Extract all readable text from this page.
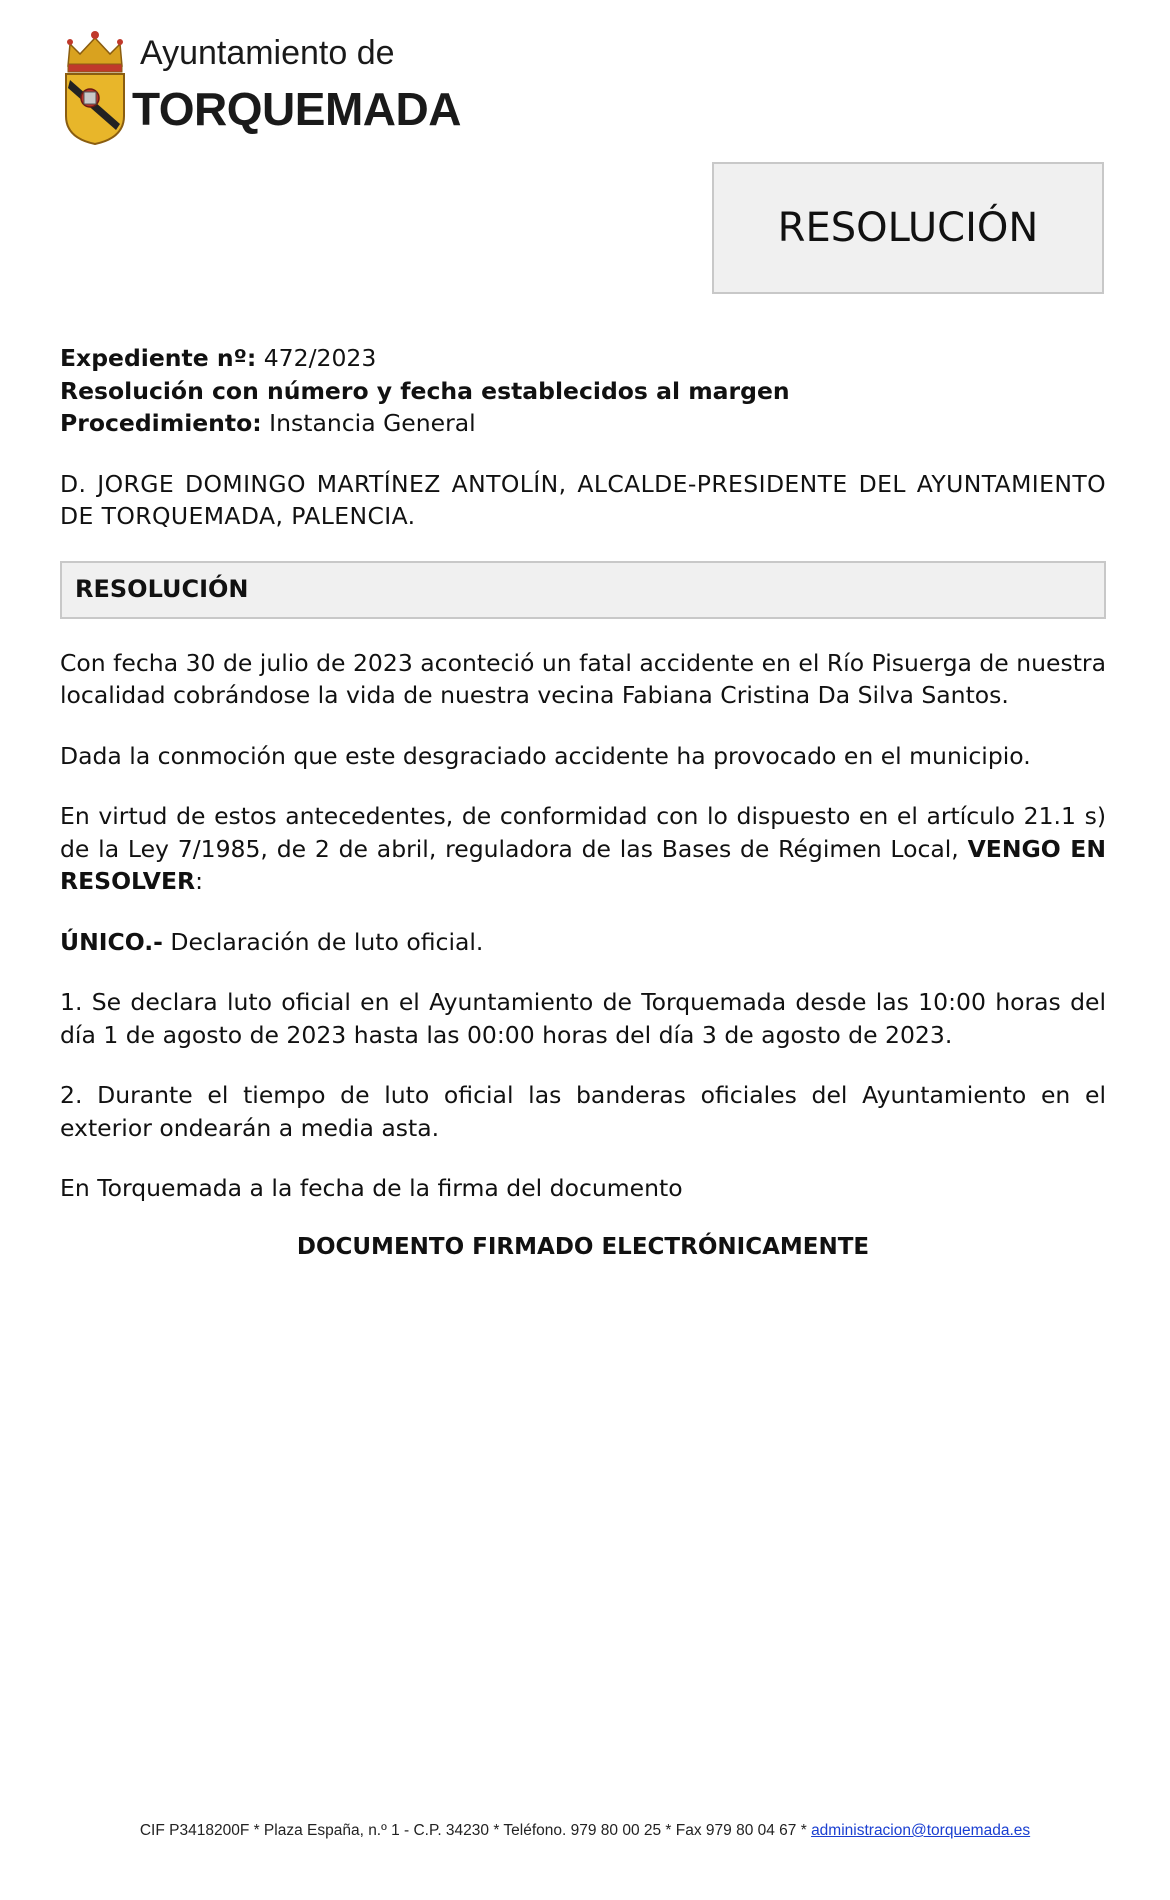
Ayuntamiento de
TORQUEMADA
RESOLUCIÓN

Expediente nº: 472/2023

Resolución con número y fecha establecidos al margen

Procedimiento: Instancia General

D. JORGE DOMINGO MARTÍNEZ ANTOLÍN, ALCALDE-PRESIDENTE DEL AYUNTAMIENTO DE TORQUEMADA, PALENCIA.

RESOLUCIÓN

Con fecha 30 de julio de 2023 aconteció un fatal accidente en el Río Pisuerga de nuestra localidad cobrándose la vida de nuestra vecina Fabiana Cristina Da Silva Santos.

Dada la conmoción que este desgraciado accidente ha provocado en el municipio.

En virtud de estos antecedentes, de conformidad con lo dispuesto en el artículo 21.1 s) de la Ley 7/1985, de 2 de abril, reguladora de las Bases de Régimen Local, VENGO EN RESOLVER:

ÚNICO.- Declaración de luto oficial.

1. Se declara luto oficial en el Ayuntamiento de Torquemada desde las 10:00 horas del día 1 de agosto de 2023 hasta las 00:00 horas del día 3 de agosto de 2023.

2. Durante el tiempo de luto oficial las banderas oficiales del Ayuntamiento en el exterior ondearán a media asta.

En Torquemada a la fecha de la firma del documento

DOCUMENTO FIRMADO ELECTRÓNICAMENTE

CIF P3418200F * Plaza España, n.º 1 - C.P. 34230 * Teléfono. 979 80 00 25 * Fax 979 80 04 67 * administracion@torquemada.es
